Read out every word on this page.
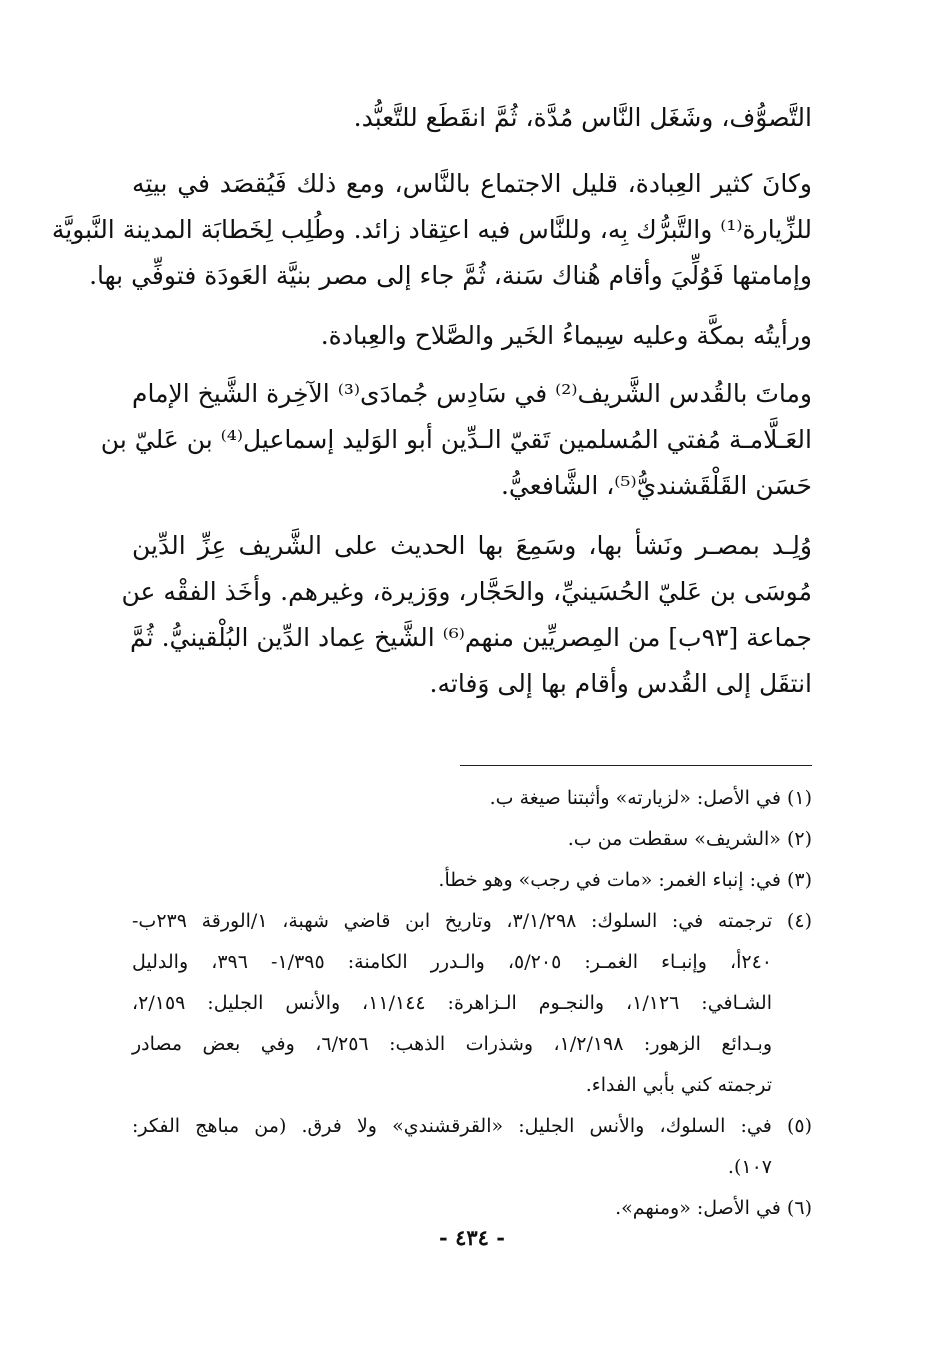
التَّصوُّف، وشَغَل النَّاس مُدَّة، ثُمَّ انقَطَع للتَّعبُّد.
وكانَ كثير العِبادة، قليل الاجتماع بالنَّاس، ومع ذلك فَيُقصَد في بيتِه
للزِّيارة⁽¹⁾ والتَّبرُّك بِه، وللنَّاس فيه اعتِقاد زائد. وطُلِب لِخَطابَة المدينة النَّبويَّة
وإمامتها فَوُلِّيَ وأقام هُناك سَنة، ثُمَّ جاء إلى مصر بنيَّة العَودَة فتوفِّي بها.
ورأيتُه بمكَّة وعليه سِيماءُ الخَير والصَّلاح والعِبادة.
وماتَ بالقُدس الشَّريف⁽²⁾ في سَادِس جُمادَى⁽³⁾ الآخِرة الشَّيخ الإمام
العَـلَّامـة مُفتي المُسلمين تَقيّ الـدِّين أبو الوَليد إسماعيل⁽⁴⁾ بن عَليّ بن
حَسَن القَلْقَشنديُّ⁽⁵⁾، الشَّافعيُّ.
وُلِـد بمصـر ونَشأ بها، وسَمِعَ بها الحديث على الشَّريف عِزِّ الدِّين
مُوسَى بن عَليّ الحُسَينيِّ، والحَجَّار، ووَزيرة، وغيرهم. وأخَذ الفقْه عن
جماعة [٩٣ب] من المِصريِّين منهم⁽⁶⁾ الشَّيخ عِماد الدِّين البُلْقينيُّ. ثُمَّ
انتقَل إلى القُدس وأقام بها إلى وَفاته.
(١) في الأصل: «لزيارته» وأثبتنا صيغة ب.
(٢) «الشريف» سقطت من ب.
(٣) في: إنباء الغمر: «مات في رجب» وهو خطأ.
(٤) ترجمته في: السلوك: ٣/١/٢٩٨، وتاريخ ابن قاضي شهبة، ١/الورقة ٢٣٩ب-
٢٤٠أ، وإنبـاء الغمـر: ٥/٢٠٥، والـدرر الكامنة: ١/٣٩٥- ٣٩٦، والدليل
الشـافي: ١/١٢٦، والنجـوم الـزاهرة: ١١/١٤٤، والأنس الجليل: ٢/١٥٩،
وبـدائع الزهور: ١/٢/١٩٨، وشذرات الذهب: ٦/٢٥٦، وفي بعض مصادر
ترجمته كني بأبي الفداء.
(٥) في: السلوك، والأنس الجليل: «القرقشندي» ولا فرق. (من مباهج الفكر:
١٠٧).
(٦) في الأصل: «ومنهم».
- ٤٣٤ -
